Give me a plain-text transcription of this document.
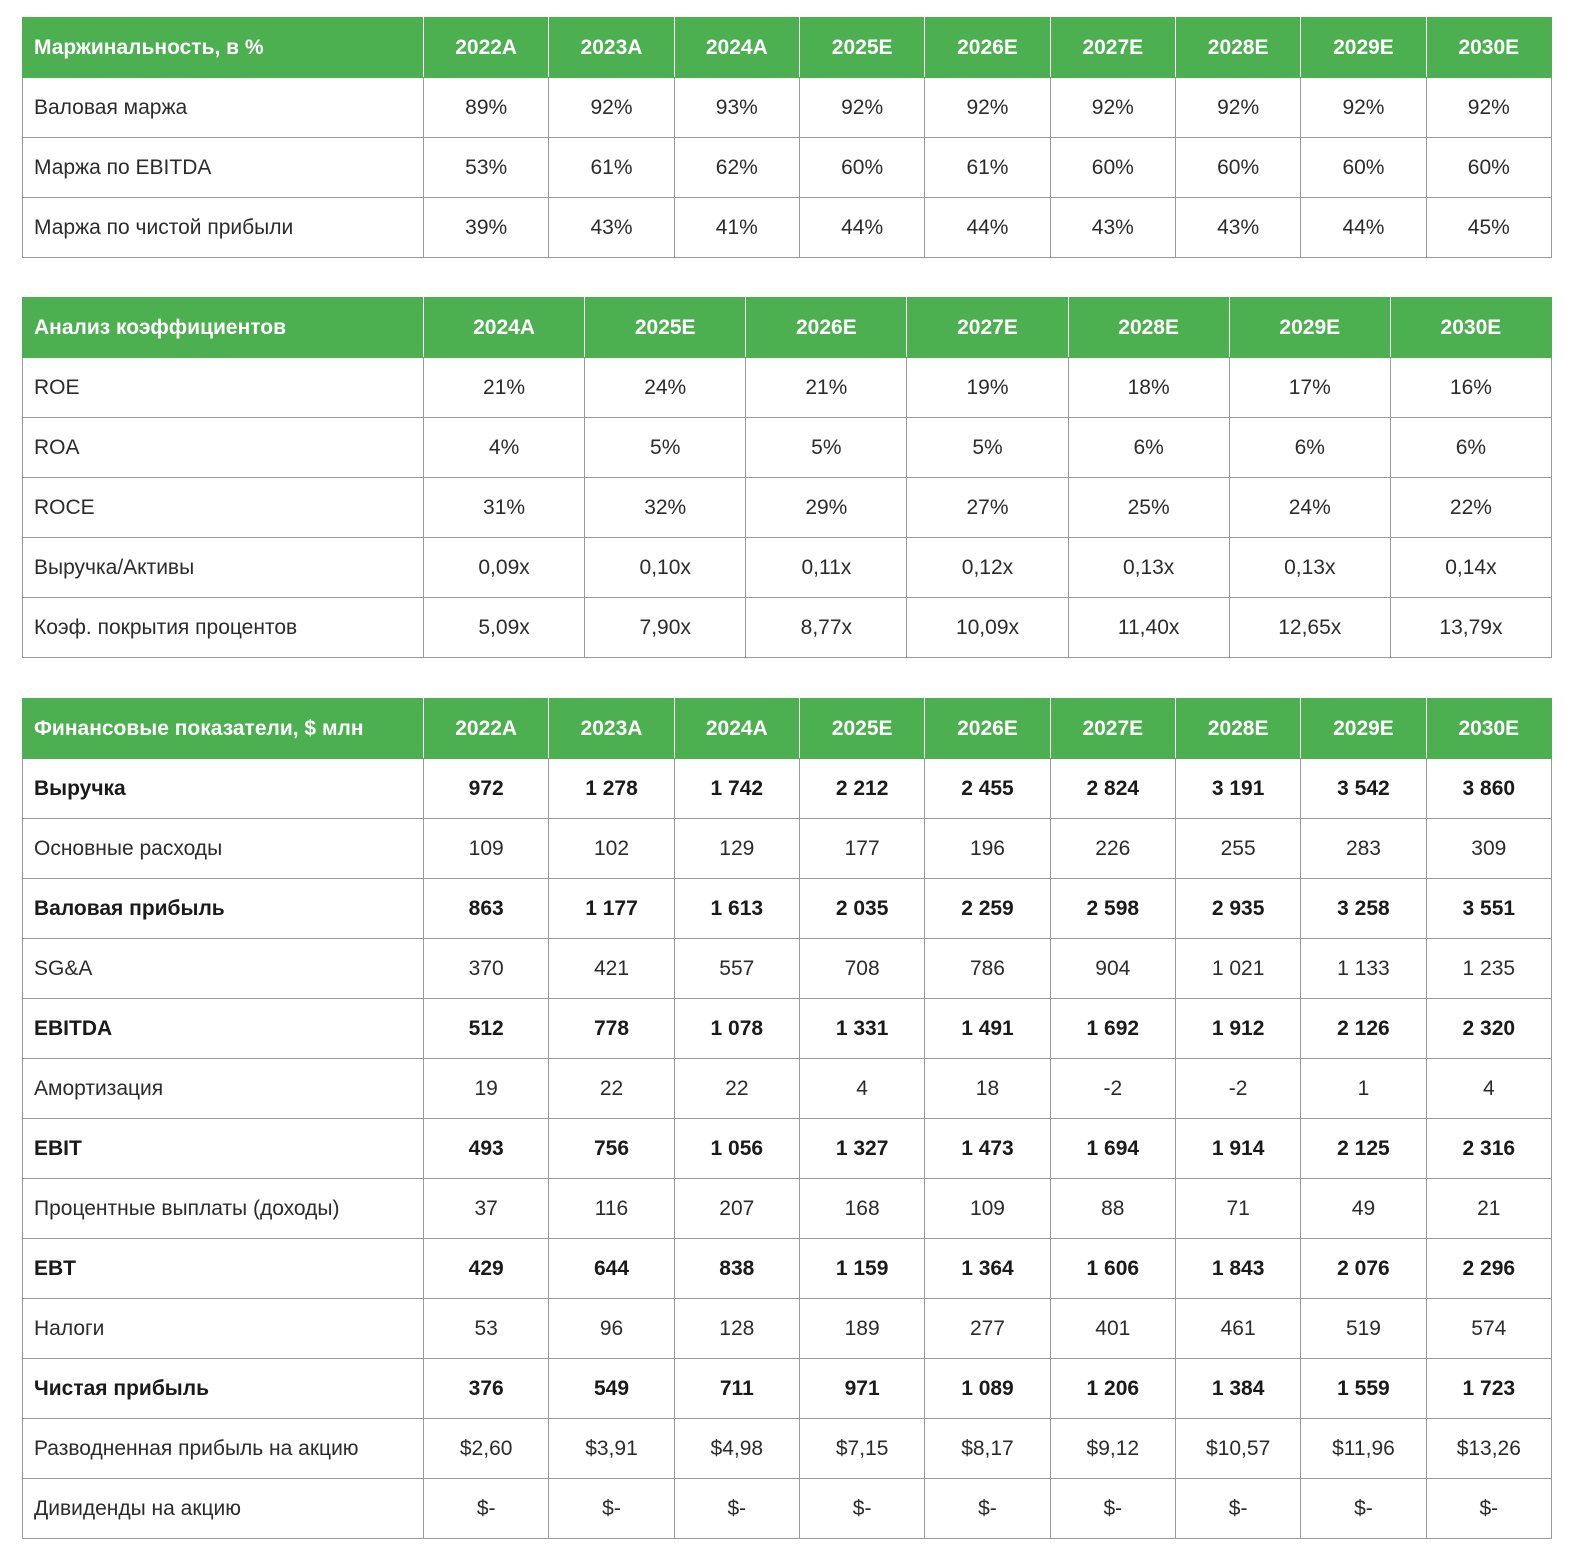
Маржинальность, в %	2022A	2023A	2024A	2025E	2026E	2027E	2028E	2029E	2030E
Валовая маржа	89%	92%	93%	92%	92%	92%	92%	92%	92%
Маржа по EBITDA	53%	61%	62%	60%	61%	60%	60%	60%	60%
Маржа по чистой прибыли	39%	43%	41%	44%	44%	43%	43%	44%	45%
Анализ коэффициентов	2024A	2025E	2026E	2027E	2028E	2029E	2030E
ROE	21%	24%	21%	19%	18%	17%	16%
ROA	4%	5%	5%	5%	6%	6%	6%
ROCE	31%	32%	29%	27%	25%	24%	22%
Выручка/Активы	0,09x	0,10x	0,11x	0,12x	0,13x	0,13x	0,14x
Коэф. покрытия процентов	5,09x	7,90x	8,77x	10,09x	11,40x	12,65x	13,79x
Финансовые показатели, $ млн	2022A	2023A	2024A	2025E	2026E	2027E	2028E	2029E	2030E
Выручка	972	1 278	1 742	2 212	2 455	2 824	3 191	3 542	3 860
Основные расходы	109	102	129	177	196	226	255	283	309
Валовая прибыль	863	1 177	1 613	2 035	2 259	2 598	2 935	3 258	3 551
SG&A	370	421	557	708	786	904	1 021	1 133	1 235
EBITDA	512	778	1 078	1 331	1 491	1 692	1 912	2 126	2 320
Амортизация	19	22	22	4	18	-2	-2	1	4
EBIT	493	756	1 056	1 327	1 473	1 694	1 914	2 125	2 316
Процентные выплаты (доходы)	37	116	207	168	109	88	71	49	21
EBT	429	644	838	1 159	1 364	1 606	1 843	2 076	2 296
Налоги	53	96	128	189	277	401	461	519	574
Чистая прибыль	376	549	711	971	1 089	1 206	1 384	1 559	1 723
Разводненная прибыль на акцию	$2,60	$3,91	$4,98	$7,15	$8,17	$9,12	$10,57	$11,96	$13,26
Дивиденды на акцию	$-	$-	$-	$-	$-	$-	$-	$-	$-
